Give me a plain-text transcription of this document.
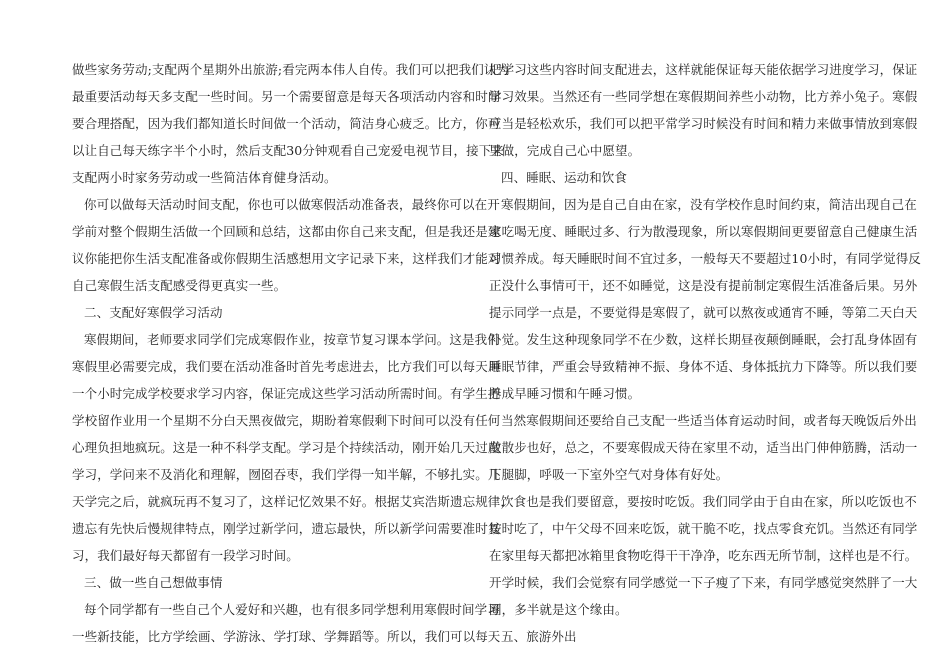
做些家务劳动;支配两个星期外出旅游;看完两本伟人自传。我们可以把我们认为
最重要活动每天多支配一些时间。另一个需要留意是每天各项活动内容和时间
要合理搭配，因为我们都知道长时间做一个活动，简洁身心疲乏。比方，你可
以让自己每天练字半个小时，然后支配30分钟观看自己宠爱电视节目，接下来
支配两小时家务劳动或一些简洁体育健身活动。
你可以做每天活动时间支配，你也可以做寒假活动准备表，最终你可以在开
学前对整个假期生活做一个回顾和总结，这都由你自己来支配，但是我还是建
议你能把你生活支配准备或你假期生活感想用文字记录下来，这样我们才能对
自己寒假生活支配感受得更真实一些。
二、支配好寒假学习活动
寒假期间，老师要求同学们完成寒假作业，按章节复习课本学问。这是我们
寒假里必需要完成，我们要在活动准备时首先考虑进去，比方我们可以每天用
一个小时完成学校要求学习内容，保证完成这些学习活动所需时间。有学生把
学校留作业用一个星期不分白天黑夜做完，期盼着寒假剩下时间可以没有任何
心理负担地疯玩。这是一种不科学支配。学习是个持续活动，刚开始几天过度
学习，学问来不及消化和理解，囫囵吞枣，我们学得一知半解，不够扎实。几
天学完之后，就疯玩再不复习了，这样记忆效果不好。根据艾宾浩斯遗忘规律，
遗忘有先快后慢规律特点，刚学过新学问，遗忘最快，所以新学问需要准时复
习，我们最好每天都留有一段学习时间。
三、做一些自己想做事情
每个同学都有一些自己个人爱好和兴趣，也有很多同学想利用寒假时间学习
一些新技能，比方学绘画、学游泳、学打球、学舞蹈等。所以，我们可以每天
把学习这些内容时间支配进去，这样就能保证每天能依据学习进度学习，保证
学习效果。当然还有一些同学想在寒假期间养些小动物，比方养小兔子。寒假
应当是轻松欢乐，我们可以把平常学习时候没有时间和精力来做事情放到寒假
里做，完成自己心中愿望。
四、睡眠、运动和饮食
寒假期间，因为是自己自由在家，没有学校作息时间约束，简洁出现自己在
家吃喝无度、睡眠过多、行为散漫现象，所以寒假期间更要留意自己健康生活
习惯养成。每天睡眠时间不宜过多，一般每天不要超过10小时，有同学觉得反
正没什么事情可干，还不如睡觉，这是没有提前制定寒假生活准备后果。另外
提示同学一点是，不要觉得是寒假了，就可以熬夜或通宵不睡，等第二天白天
补觉。发生这种现象同学不在少数，这样长期昼夜颠倒睡眠，会打乱身体固有
睡眠节律，严重会导致精神不振、身体不适、身体抵抗力下降等。所以我们要
养成早睡习惯和午睡习惯。
当然寒假期间还要给自己支配一些适当体育运动时间，或者每天晚饭后外出
散散步也好，总之，不要寒假成天待在家里不动，适当出门伸伸筋腾，活动一
下腿脚，呼吸一下室外空气对身体有好处。
饮食也是我们要留意，要按时吃饭。我们同学由于自由在家，所以吃饭也不
按时吃了，中午父母不回来吃饭，就干脆不吃，找点零食充饥。当然还有同学
在家里每天都把冰箱里食物吃得干干净净，吃东西无所节制，这样也是不行。
开学时候，我们会觉察有同学感觉一下子瘦了下来，有同学感觉突然胖了一大
圈，多半就是这个缘由。
五、旅游外出
